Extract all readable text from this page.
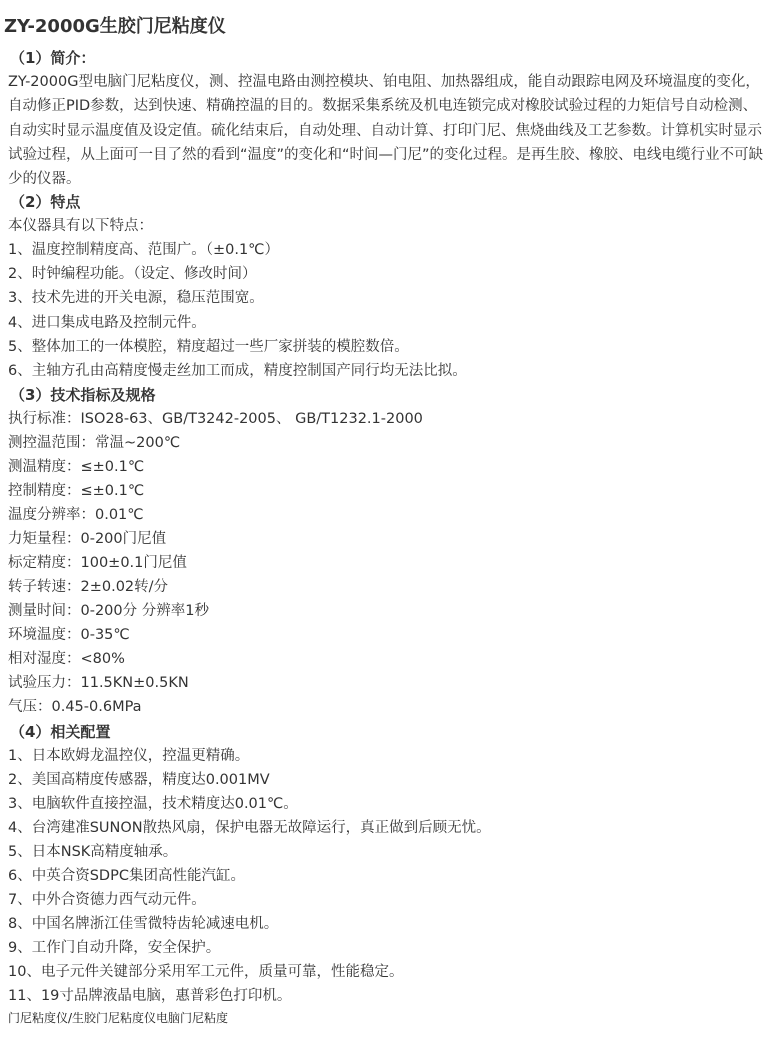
ZY-2000G生胶门尼粘度仪
（1）简介：
ZY-2000G型电脑门尼粘度仪，测、控温电路由测控模块、铂电阻、加热器组成，能自动跟踪电网及环境温度的变化，自动修正PID参数，达到快速、精确控温的目的。数据采集系统及机电连锁完成对橡胶试验过程的力矩信号自动检测、自动实时显示温度值及设定值。硫化结束后，自动处理、自动计算、打印门尼、焦烧曲线及工艺参数。计算机实时显示试验过程，从上面可一目了然的看到“温度”的变化和“时间—门尼”的变化过程。是再生胶、橡胶、电线电缆行业不可缺少的仪器。
（2）特点
本仪器具有以下特点：
1、温度控制精度高、范围广。（±0.1℃）
2、时钟编程功能。（设定、修改时间）
3、技术先进的开关电源，稳压范围宽。
4、进口集成电路及控制元件。
5、整体加工的一体模腔，精度超过一些厂家拼装的模腔数倍。
6、主轴方孔由高精度慢走丝加工而成，精度控制国产同行均无法比拟。
（3）技术指标及规格
执行标准：ISO28-63、GB/T3242-2005、 GB/T1232.1-2000
测控温范围：常温~200℃
测温精度：≤±0.1℃
控制精度：≤±0.1℃
温度分辨率：0.01℃
力矩量程：0-200门尼值
标定精度：100±0.1门尼值
转子转速：2±0.02转/分
测量时间：0-200分 分辨率1秒
环境温度：0-35℃
相对湿度：<80%
试验压力：11.5KN±0.5KN
气压：0.45-0.6MPa
（4）相关配置
1、日本欧姆龙温控仪，控温更精确。
2、美国高精度传感器，精度达0.001MV
3、电脑软件直接控温，技术精度达0.01℃。
4、台湾建准SUNON散热风扇，保护电器无故障运行，真正做到后顾无忧。
5、日本NSK高精度轴承。
6、中英合资SDPC集团高性能汽缸。
7、中外合资德力西气动元件。
8、中国名牌浙江佳雪微特齿轮减速电机。
9、工作门自动升降，安全保护。
10、电子元件关键部分采用军工元件，质量可靠，性能稳定。
11、19寸品牌液晶电脑，惠普彩色打印机。
门尼粘度仪/生胶门尼粘度仪电脑门尼粘度
